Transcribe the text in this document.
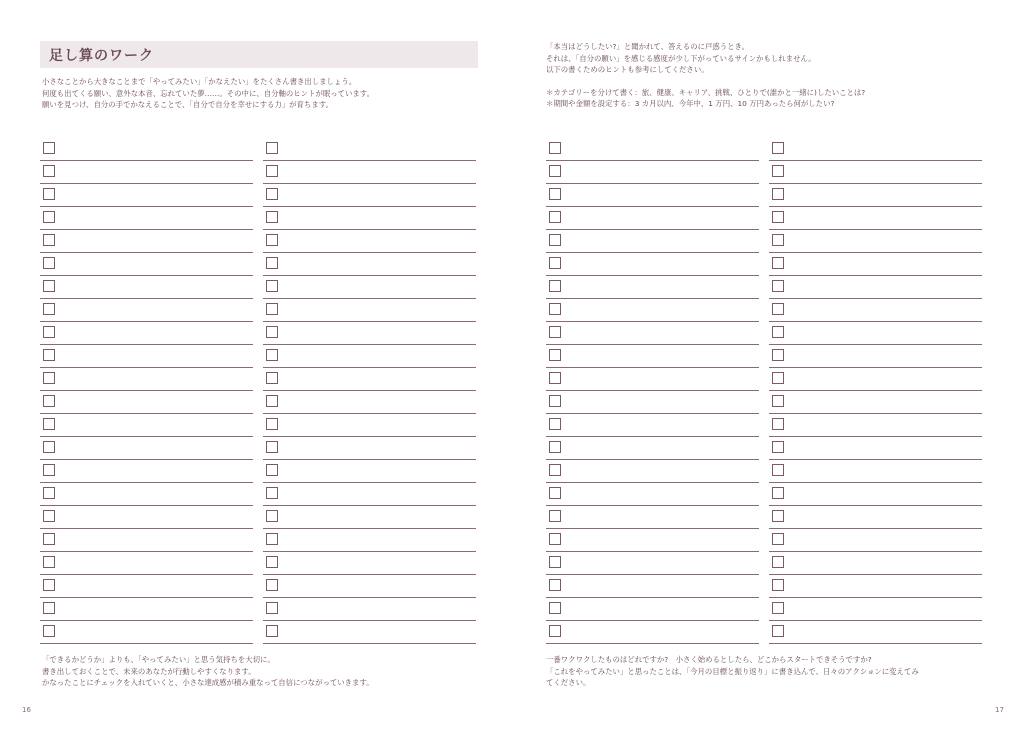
足し算のワーク
小さなことから大きなことまで「やってみたい」「かなえたい」をたくさん書き出しましょう。
何度も出てくる願い、意外な本音、忘れていた夢……。その中に、自分軸のヒントが眠っています。
願いを見つけ、自分の手でかなえることで、「自分で自分を幸せにする力」が育ちます。
「できるかどうか」よりも、「やってみたい」と思う気持ちを大切に。
書き出しておくことで、未来のあなたが行動しやすくなります。
かなったことにチェックを入れていくと、小さな達成感が積み重なって自信につながっていきます。
16
「本当はどうしたい?」と聞かれて、答えるのに戸惑うとき。
それは、「自分の願い」を感じる感度が少し下がっているサインかもしれません。
以下の書くためのヒントも参考にしてください。
＊カテゴリーを分けて書く：旅、健康、キャリア、挑戦、ひとりで(誰かと一緒に)したいことは?
＊期間や金額を設定する：3 カ月以内、今年中、1 万円、10 万円あったら何がしたい?
一番ワクワクしたものはどれですか?　小さく始めるとしたら、どこからスタートできそうですか?
「これをやってみたい」と思ったことは、「今月の目標と振り返り」に書き込んで、日々のアクションに変えてみ
てください。
17
